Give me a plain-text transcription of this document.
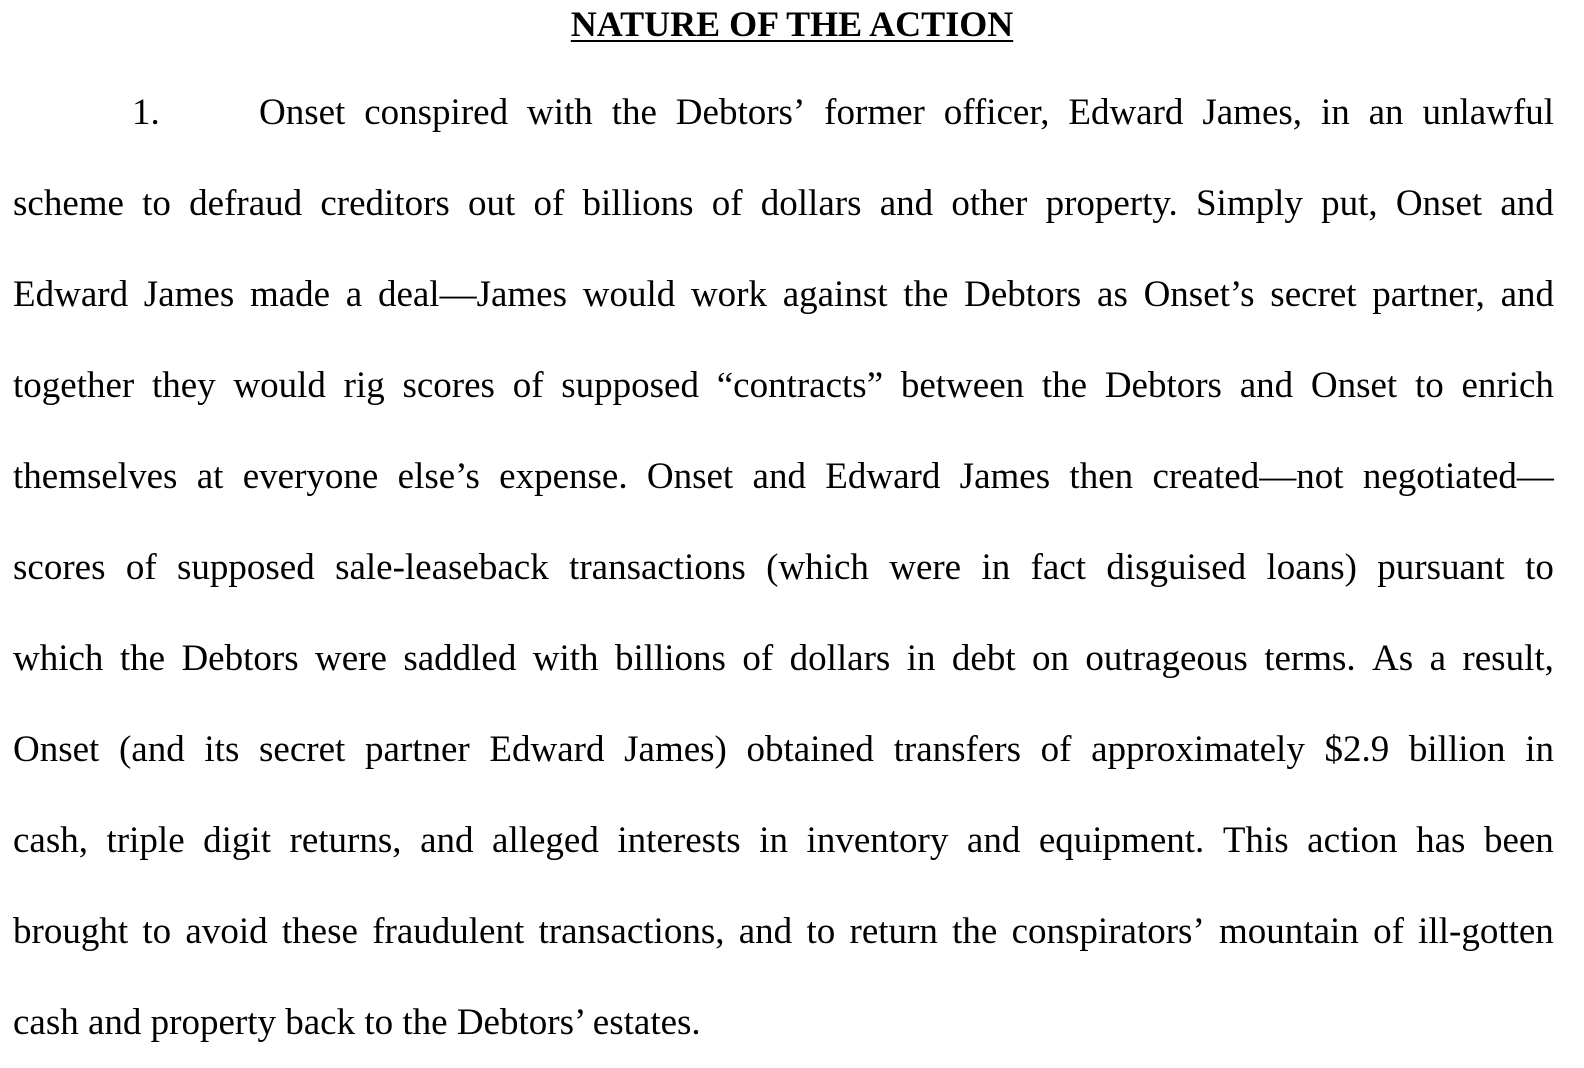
NATURE OF THE ACTION
1.	Onset conspired with the Debtors’ former officer, Edward James, in an unlawful
scheme to defraud creditors out of billions of dollars and other property. Simply put, Onset and
Edward James made a deal—James would work against the Debtors as Onset’s secret partner, and
together they would rig scores of supposed “contracts” between the Debtors and Onset to enrich
themselves at everyone else’s expense. Onset and Edward James then created—not negotiated—
scores of supposed sale-leaseback transactions (which were in fact disguised loans) pursuant to
which the Debtors were saddled with billions of dollars in debt on outrageous terms. As a result,
Onset (and its secret partner Edward James) obtained transfers of approximately $2.9 billion in
cash, triple digit returns, and alleged interests in inventory and equipment. This action has been
brought to avoid these fraudulent transactions, and to return the conspirators’ mountain of ill-gotten
cash and property back to the Debtors’ estates.
